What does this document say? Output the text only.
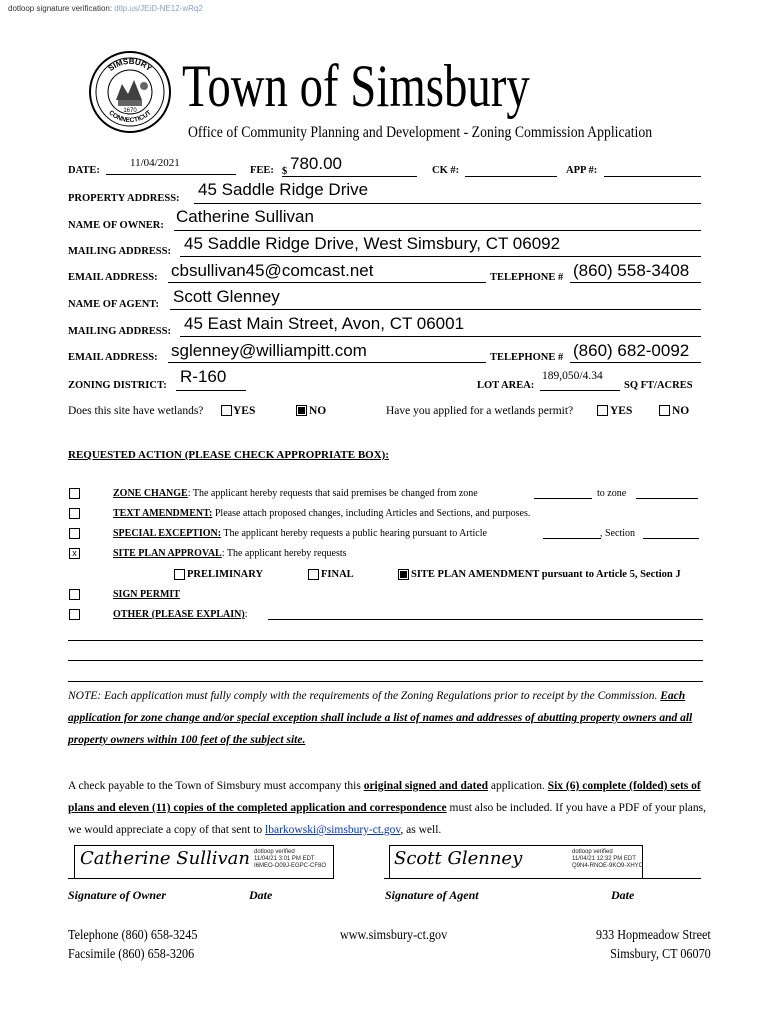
dotloop signature verification: dtlp.us/JEiD-NE12-wRq2
SIMSBURY
CONNECTICUT
1670 Town of Simsbury
Office of Community Planning and Development - Zoning Commission Application
DATE:
11/04/2021
FEE: $ 780.00	CK #:	APP #:
PROPERTY ADDRESS: 45 Saddle Ridge Drive
NAME OF OWNER: Catherine Sullivan
MAILING ADDRESS: 45 Saddle Ridge Drive, West Simsbury, CT 06092
EMAIL ADDRESS: cbsullivan45@comcast.net	TELEPHONE # (860) 558-3408
NAME OF AGENT: Scott Glenney
MAILING ADDRESS: 45 East Main Street, Avon, CT 06001
EMAIL ADDRESS: sglenney@williampitt.com	TELEPHONE # (860) 682-0092
ZONING DISTRICT: R-160	LOT AREA:
189,050/4.34
SQ FT/ACRES
Does this site have wetlands?	YES	NO	Have you applied for a wetlands permit?	YES	NO
REQUESTED ACTION (PLEASE CHECK APPROPRIATE BOX):
ZONE CHANGE: The applicant hereby requests that said premises be changed from zone	to zone
TEXT AMENDMENT: Please attach proposed changes, including Articles and Sections, and purposes.
SPECIAL EXCEPTION: The applicant hereby requests a public hearing pursuant to Article	, Section
x	SITE PLAN APPROVAL: The applicant hereby requests
PRELIMINARY	FINAL	SITE PLAN AMENDMENT pursuant to Article 5, Section J
SIGN PERMIT
OTHER (PLEASE EXPLAIN):
NOTE: Each application must fully comply with the requirements of the Zoning Regulations prior to receipt by the Commission. Each application for zone change and/or special exception shall include a list of names and addresses of abutting property owners and all property owners within 100 feet of the subject site.
A check payable to the Town of Simsbury must accompany this original signed and dated application. Six (6) complete (folded) sets of plans and eleven (11) copies of the completed application and correspondence must also be included. If you have a PDF of your plans, we would appreciate a copy of that sent to lbarkowski@simsbury-ct.gov, as well.
Catherine Sullivan dotloop verified
11/04/21 3:01 PM EDT
I6MEO-O09J-EGPC-CF8O	Scott Glenney	dotloop verified
11/04/21 12:32 PM EDT
Q9N4-RNOE-9KO9-XHYC
Signature of Owner	Date	Signature of Agent	Date
Telephone (860) 658-3245
Facsimile (860) 658-3206
www.simsbury-ct.gov	933 Hopmeadow Street
Simsbury, CT 06070
